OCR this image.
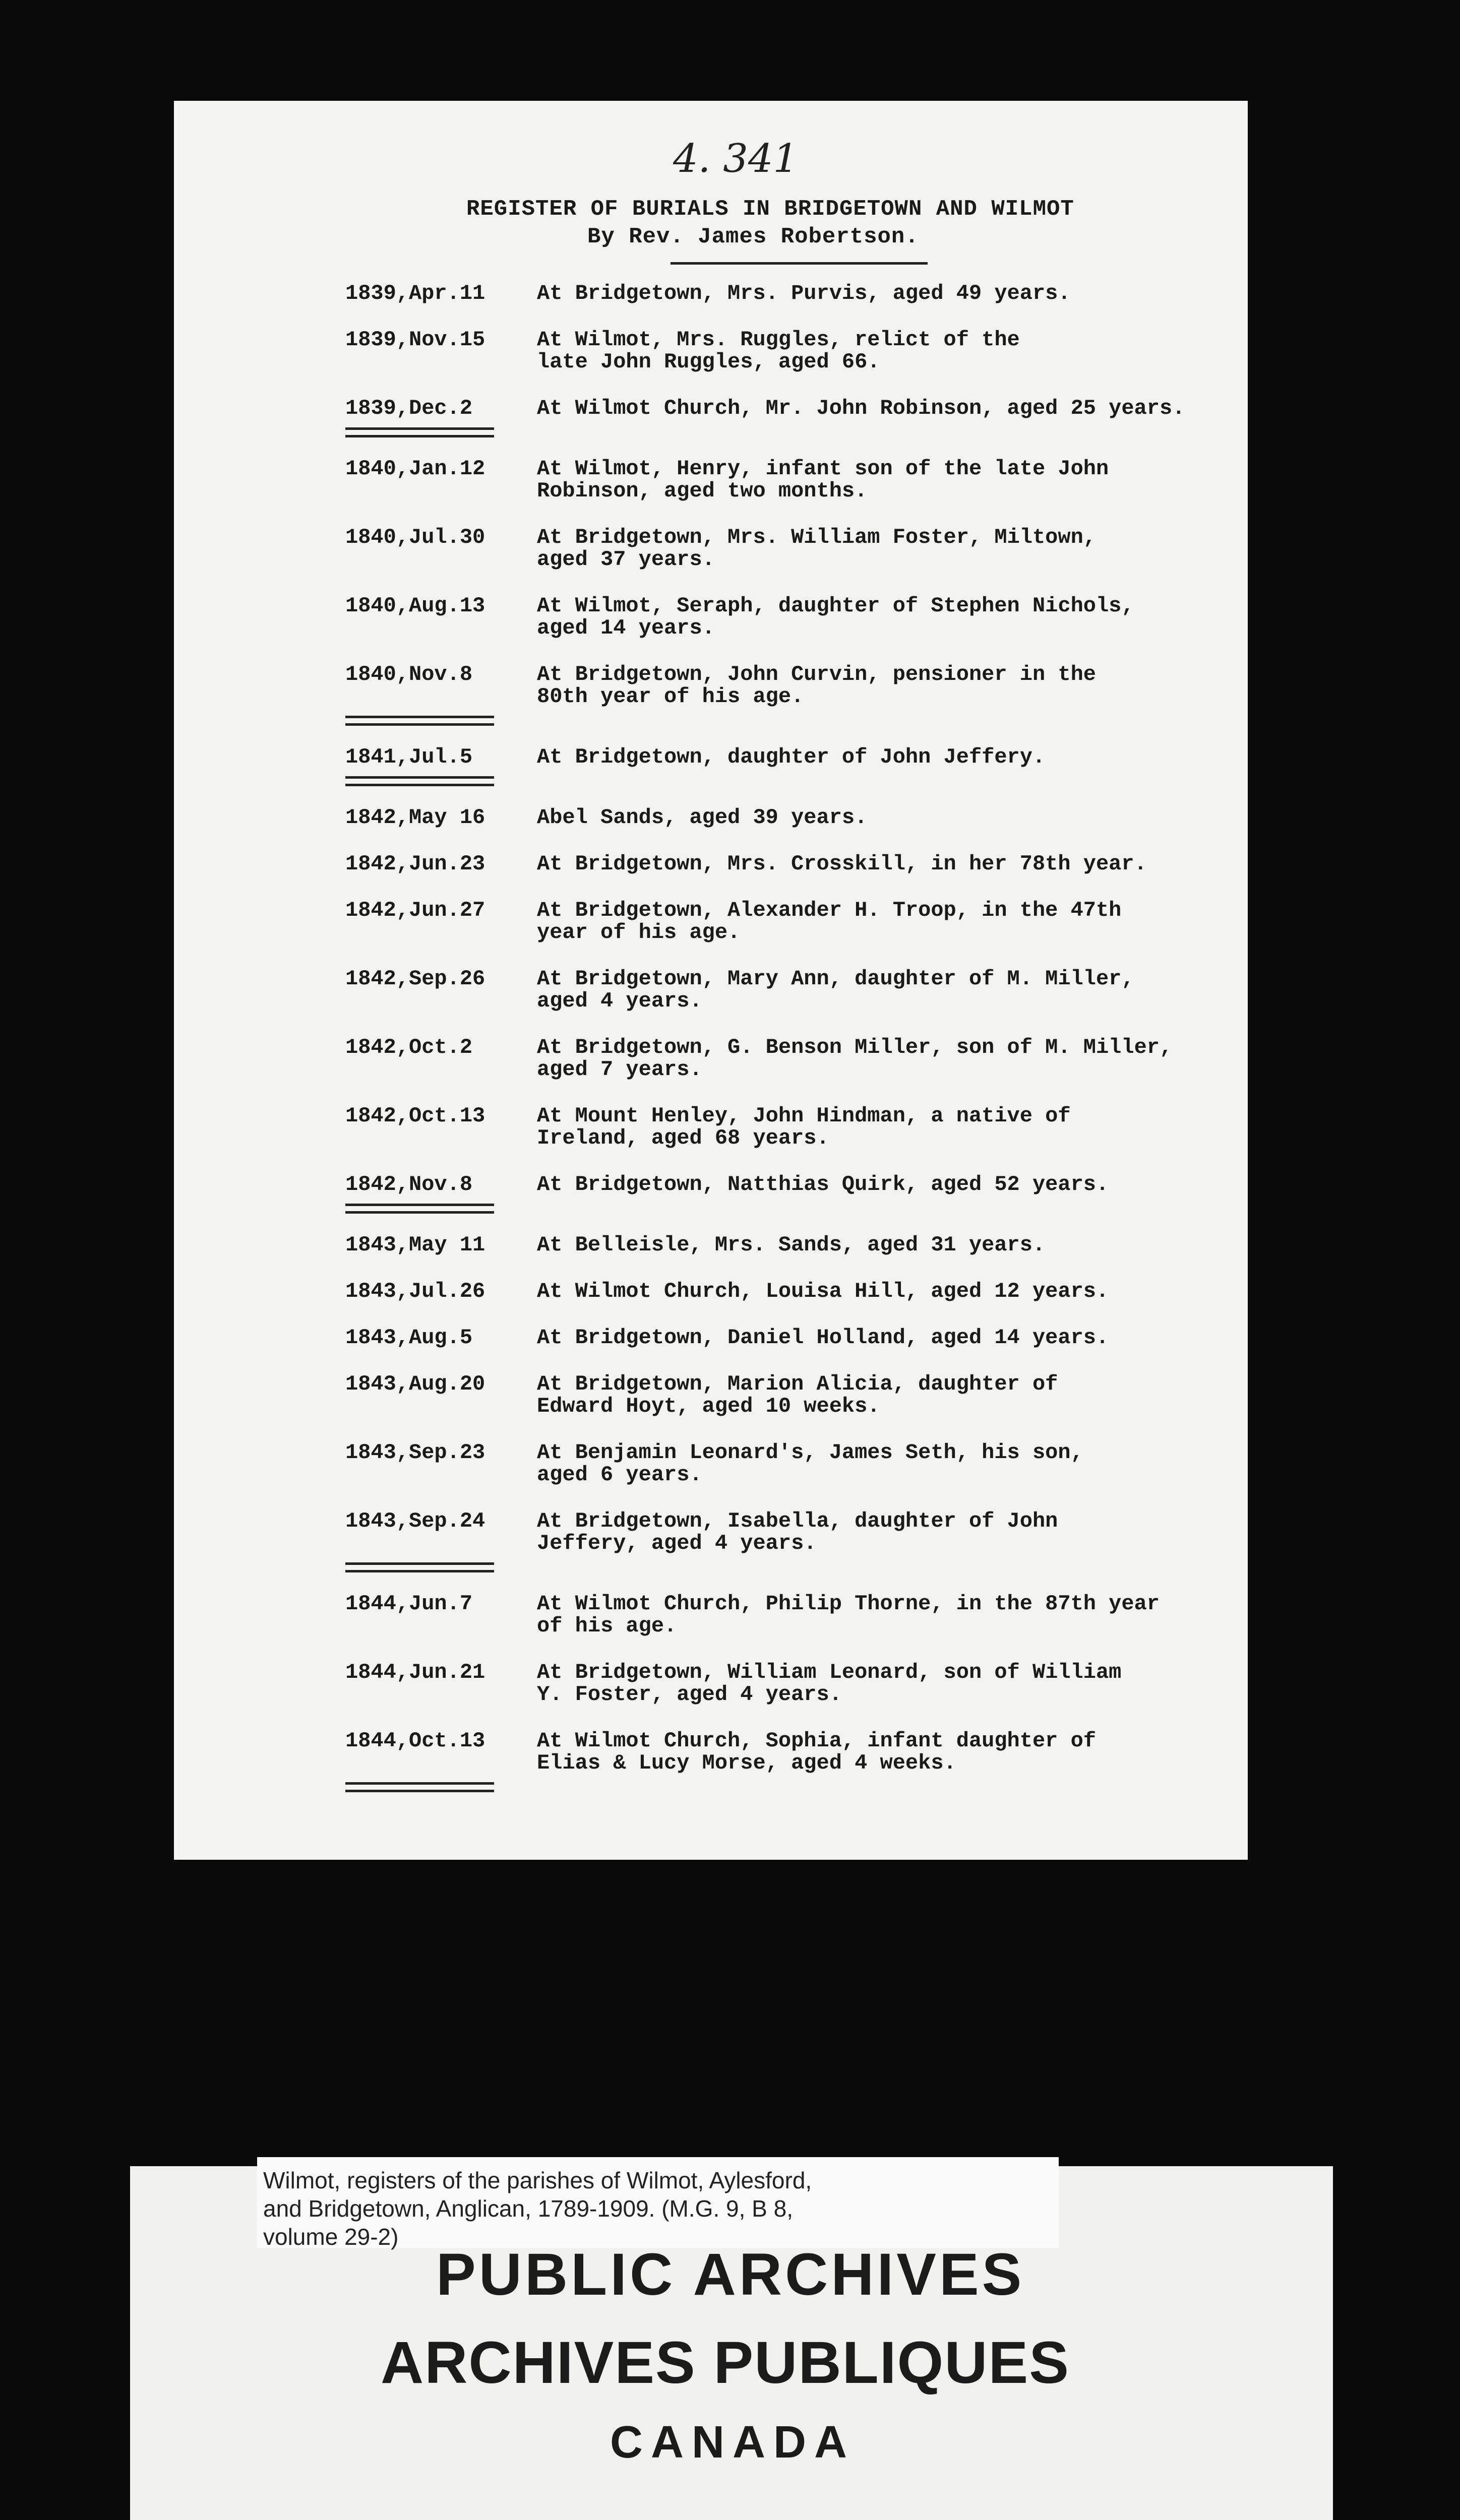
4. 341
REGISTER OF BURIALS IN BRIDGETOWN AND WILMOT
By Rev. James Robertson.
1839,Apr.11	At Bridgetown, Mrs. Purvis, aged 49 years.
1839,Nov.15	At Wilmot, Mrs. Ruggles, relict of the
late John Ruggles, aged 66.
1839,Dec.2	At Wilmot Church, Mr. John Robinson, aged 25 years.
1840,Jan.12	At Wilmot, Henry, infant son of the late John
Robinson, aged two months.
1840,Jul.30	At Bridgetown, Mrs. William Foster, Miltown,
aged 37 years.
1840,Aug.13	At Wilmot, Seraph, daughter of Stephen Nichols,
aged 14 years.
1840,Nov.8	At Bridgetown, John Curvin, pensioner in the
80th year of his age.
1841,Jul.5	At Bridgetown, daughter of John Jeffery.
1842,May 16	Abel Sands, aged 39 years.
1842,Jun.23	At Bridgetown, Mrs. Crosskill, in her 78th year.
1842,Jun.27	At Bridgetown, Alexander H. Troop, in the 47th
year of his age.
1842,Sep.26	At Bridgetown, Mary Ann, daughter of M. Miller,
aged 4 years.
1842,Oct.2	At Bridgetown, G. Benson Miller, son of M. Miller,
aged 7 years.
1842,Oct.13	At Mount Henley, John Hindman, a native of
Ireland, aged 68 years.
1842,Nov.8	At Bridgetown, Natthias Quirk, aged 52 years.
1843,May 11	At Belleisle, Mrs. Sands, aged 31 years.
1843,Jul.26	At Wilmot Church, Louisa Hill, aged 12 years.
1843,Aug.5	At Bridgetown, Daniel Holland, aged 14 years.
1843,Aug.20	At Bridgetown, Marion Alicia, daughter of
Edward Hoyt, aged 10 weeks.
1843,Sep.23	At Benjamin Leonard's, James Seth, his son,
aged 6 years.
1843,Sep.24	At Bridgetown, Isabella, daughter of John
Jeffery, aged 4 years.
1844,Jun.7	At Wilmot Church, Philip Thorne, in the 87th year
of his age.
1844,Jun.21	At Bridgetown, William Leonard, son of William
Y. Foster, aged 4 years.
1844,Oct.13	At Wilmot Church, Sophia, infant daughter of
Elias & Lucy Morse, aged 4 weeks.
Wilmot, registers of the parishes of Wilmot, Aylesford,
and Bridgetown, Anglican, 1789-1909. (M.G. 9, B 8,
volume 29-2)
PUBLIC ARCHIVES
ARCHIVES PUBLIQUES
CANADA
